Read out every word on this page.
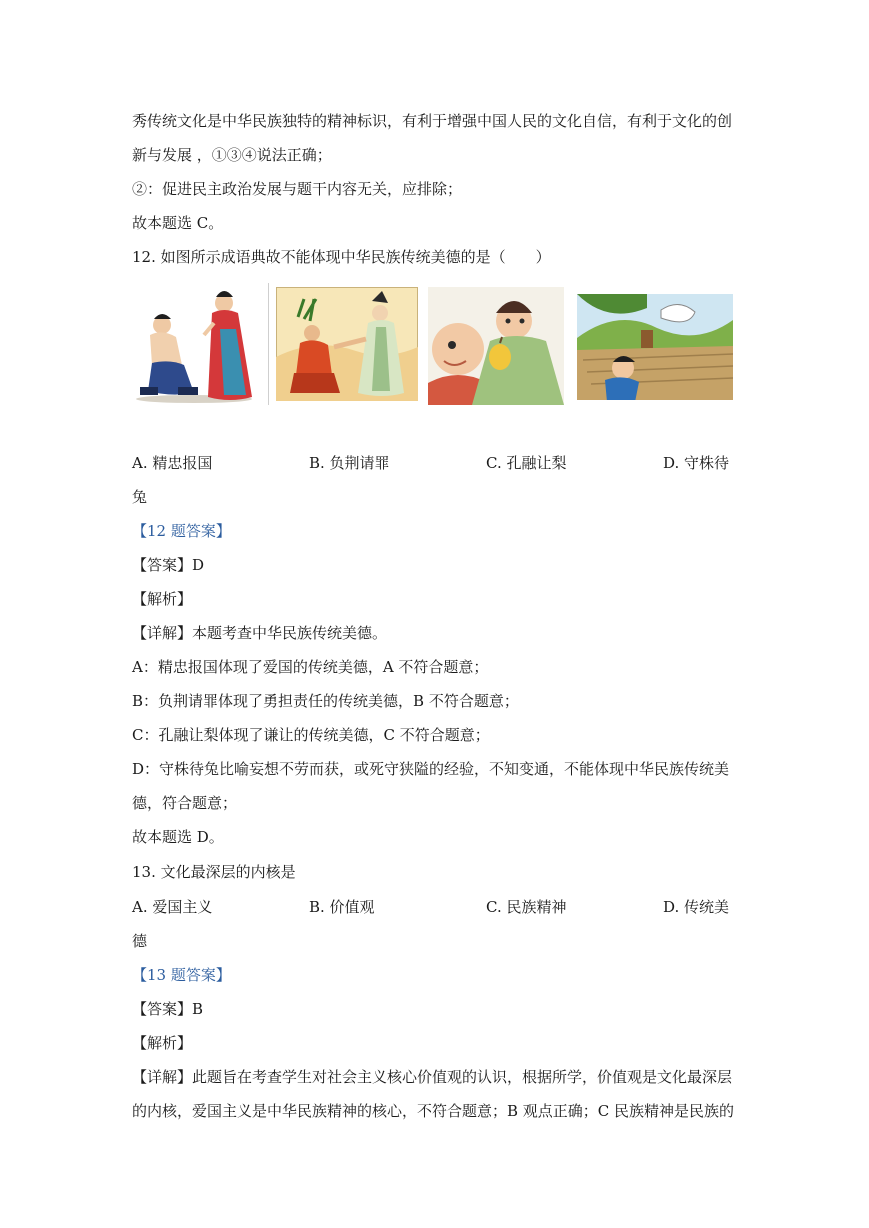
秀传统文化是中华民族独特的精神标识，有利于增强中国人民的文化自信，有利于文化的创
新与发展 ，①③④说法正确；
②：促进民主政治发展与题干内容无关，应排除；
故本题选 C。
12. 如图所示成语典故不能体现中华民族传统美德的是（　　）
A. 精忠报国	B. 负荆请罪	C. 孔融让梨	D. 守株待
兔
【12 题答案】
【答案】D
【解析】
【详解】本题考查中华民族传统美德。
A：精忠报国体现了爱国的传统美德，A 不符合题意；
B：负荆请罪体现了勇担责任的传统美德，B 不符合题意；
C：孔融让梨体现了谦让的传统美德，C 不符合题意；
D：守株待兔比喻妄想不劳而获，或死守狭隘的经验，不知变通，不能体现中华民族传统美
德，符合题意；
故本题选 D。
13. 文化最深层的内核是
A. 爱国主义	B. 价值观	C. 民族精神	D. 传统美
德
【13 题答案】
【答案】B
【解析】
【详解】此题旨在考查学生对社会主义核心价值观的认识，根据所学，价值观是文化最深层
的内核，爱国主义是中华民族精神的核心，不符合题意；B 观点正确；C 民族精神是民族的
